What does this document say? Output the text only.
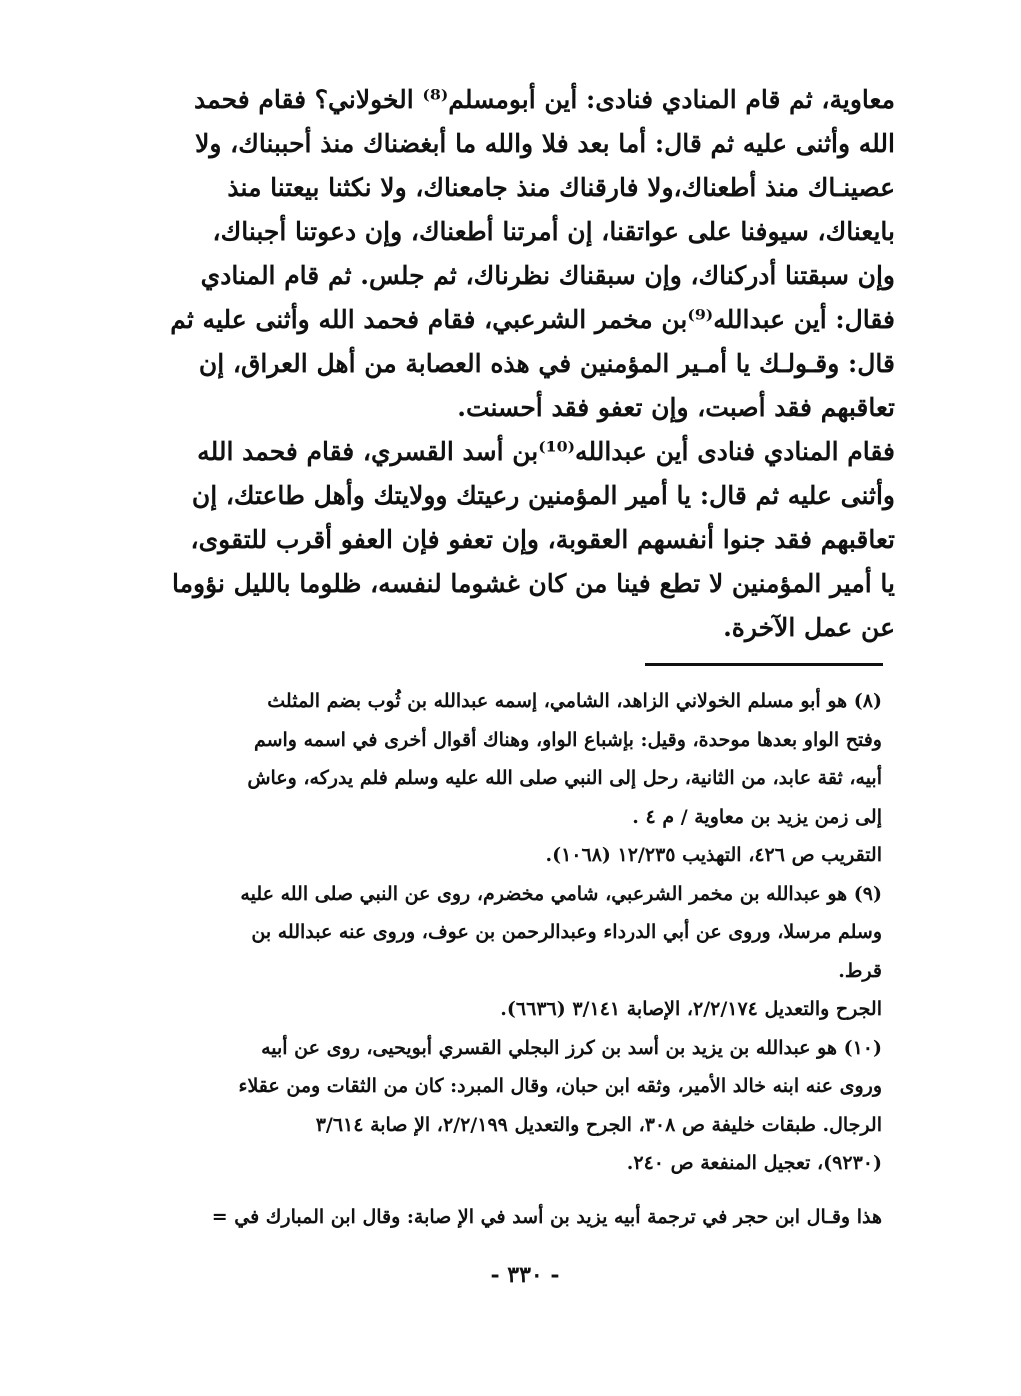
معاوية، ثم قام المنادي فنادى: أين أبومسلم⁽⁸⁾ الخولاني؟ فقام فحمد
الله وأثنى عليه ثم قال: أما بعد فلا والله ما أبغضناك منذ أحببناك، ولا
عصينـاك منذ أطعناك،ولا فارقناك منذ جامعناك، ولا نكثنا بيعتنا منذ
بايعناك، سيوفنا على عواتقنا، إن أمرتنا أطعناك، وإن دعوتنا أجبناك،
وإن سبقتنا أدركناك، وإن سبقناك نظرناك، ثم جلس. ثم قام المنادي
فقال: أين عبدالله⁽⁹⁾بن مخمر الشرعبي، فقام فحمد الله وأثنى عليه ثم
قال: وقـولـك يا أمـير المؤمنين في هذه العصابة من أهل العراق، إن
تعاقبهم فقد أصبت، وإن تعفو فقد أحسنت.
فقام المنادي فنادى أين عبدالله⁽¹⁰⁾بن أسد القسري، فقام فحمد الله
وأثنى عليه ثم قال: يا أمير المؤمنين رعيتك وولايتك وأهل طاعتك، إن
تعاقبهم فقد جنوا أنفسهم العقوبة، وإن تعفو فإن العفو أقرب للتقوى،
يا أمير المؤمنين لا تطع فينا من كان غشوما لنفسه، ظلوما بالليل نؤوما
عن عمل الآخرة.
(٨) هو أبو مسلم الخولاني الزاهد، الشامي، إسمه عبدالله بن ثُوب بضم المثلث
وفتح الواو بعدها موحدة، وقيل: بإشباع الواو، وهناك أقوال أخرى في اسمه واسم
أبيه، ثقة عابد، من الثانية، رحل إلى النبي صلى الله عليه وسلم فلم يدركه، وعاش
إلى زمن يزيد بن معاوية / م ٤ .
التقريب ص ٤٢٦، التهذيب ١٢/٢٣٥ (١٠٦٨).
(٩) هو عبدالله بن مخمر الشرعبي، شامي مخضرم، روى عن النبي صلى الله عليه
وسلم مرسلا، وروى عن أبي الدرداء وعبدالرحمن بن عوف، وروى عنه عبدالله بن
قرط.
الجرح والتعديل ٢/٢/١٧٤، الإصابة ٣/١٤١ (٦٦٣٦).
(١٠) هو عبدالله بن يزيد بن أسد بن كرز البجلي القسري أبويحيى، روى عن أبيه
وروى عنه ابنه خالد الأمير، وثقه ابن حبان، وقال المبرد: كان من الثقات ومن عقلاء
الرجال. طبقات خليفة ص ٣٠٨، الجرح والتعديل ٢/٢/١٩٩، الإ صابة ٣/٦١٤
(٩٢٣٠)، تعجيل المنفعة ص ٢٤٠.
هذا وقـال ابن حجر في ترجمة أبيه يزيد بن أسد في الإ صابة: وقال ابن المبارك في =
- ٣٣٠ -
